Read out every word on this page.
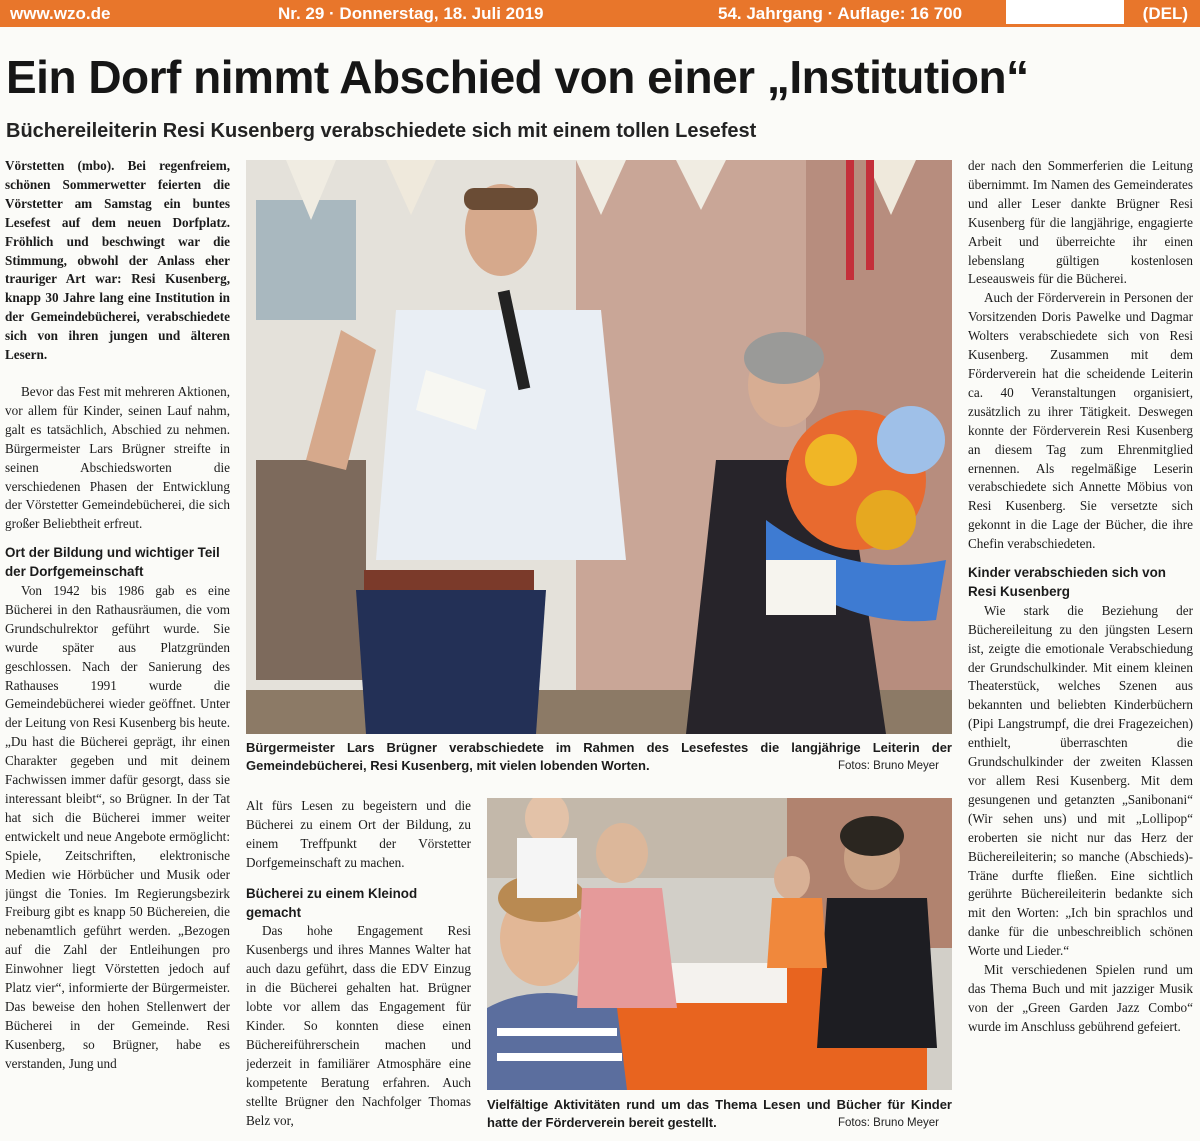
www.wzo.de	Nr. 29 · Donnerstag, 18. Juli 2019	54. Jahrgang · Auflage: 16 700	(DEL)
Ein Dorf nimmt Abschied von einer „Institution“
Büchereileiterin Resi Kusenberg verabschiedete sich mit einem tollen Lesefest

Vörstetten (mbo). Bei regenfreiem, schönen Sommerwetter feierten die Vörstetter am Samstag ein buntes Lesefest auf dem neuen Dorfplatz. Fröhlich und beschwingt war die Stimmung, obwohl der Anlass eher trauriger Art war: Resi Kusenberg, knapp 30 Jahre lang eine Institution in der Gemeindebücherei, verabschiedete sich von ihren jungen und älteren Lesern.

Bevor das Fest mit mehreren Aktionen, vor allem für Kinder, seinen Lauf nahm, galt es tatsächlich, Abschied zu nehmen. Bürgermeister Lars Brügner streifte in seinen Abschiedsworten die verschiedenen Phasen der Entwicklung der Vörstetter Gemeindebücherei, die sich großer Beliebtheit erfreut.

Ort der Bildung und wichtiger Teil der Dorfgemeinschaft

Von 1942 bis 1986 gab es eine Bücherei in den Rathausräumen, die vom Grundschulrektor geführt wurde. Sie wurde später aus Platzgründen geschlossen. Nach der Sanierung des Rathauses 1991 wurde die Gemeindebücherei wieder geöffnet. Unter der Leitung von Resi Kusenberg bis heute. „Du hast die Bücherei geprägt, ihr einen Charakter gegeben und mit deinem Fachwissen immer dafür gesorgt, dass sie interessant bleibt“, so Brügner. In der Tat hat sich die Bücherei immer weiter entwickelt und neue Angebote ermöglicht: Spiele, Zeitschriften, elektronische Medien wie Hörbücher und Musik oder jüngst die Tonies. Im Regierungsbezirk Freiburg gibt es knapp 50 Büchereien, die nebenamtlich geführt werden. „Bezogen auf die Zahl der Entleihungen pro Einwohner liegt Vörstetten jedoch auf Platz vier“, informierte der Bürgermeister. Das beweise den hohen Stellenwert der Bücherei in der Gemeinde. Resi Kusenberg, so Brügner, habe es verstanden, Jung und

Bürgermeister Lars Brügner verabschiedete im Rahmen des Lesefestes die langjährige Leiterin der Gemeindebücherei, Resi Kusenberg, mit vielen lobenden Worten.	Fotos: Bruno Meyer

Alt fürs Lesen zu begeistern und die Bücherei zu einem Ort der Bildung, zu einem Treffpunkt der Vörstetter Dorfgemeinschaft zu machen.

Bücherei zu einem Kleinod gemacht

Das hohe Engagement Resi Kusenbergs und ihres Mannes Walter hat auch dazu geführt, dass die EDV Einzug in die Bücherei gehalten hat. Brügner lobte vor allem das Engagement für Kinder. So konnten diese einen Büchereiführerschein machen und jederzeit in familiärer Atmosphäre eine kompetente Beratung erfahren. Auch stellte Brügner den Nachfolger Thomas Belz vor,

Vielfältige Aktivitäten rund um das Thema Lesen und Bücher für Kinder hatte der Förderverein bereit gestellt.	Fotos: Bruno Meyer

der nach den Sommerferien die Leitung übernimmt. Im Namen des Gemeinderates und aller Leser dankte Brügner Resi Kusenberg für die langjährige, engagierte Arbeit und überreichte ihr einen lebenslang gültigen kostenlosen Leseausweis für die Bücherei.

Auch der Förderverein in Personen der Vorsitzenden Doris Pawelke und Dagmar Wolters verabschiedete sich von Resi Kusenberg. Zusammen mit dem Förderverein hat die scheidende Leiterin ca. 40 Veranstaltungen organisiert, zusätzlich zu ihrer Tätigkeit. Deswegen konnte der Förderverein Resi Kusenberg an diesem Tag zum Ehrenmitglied ernennen. Als regelmäßige Leserin verabschiedete sich Annette Möbius von Resi Kusenberg. Sie versetzte sich gekonnt in die Lage der Bücher, die ihre Chefin verabschiedeten.

Kinder verabschieden sich von Resi Kusenberg

Wie stark die Beziehung der Büchereileitung zu den jüngsten Lesern ist, zeigte die emotionale Verabschiedung der Grundschulkinder. Mit einem kleinen Theaterstück, welches Szenen aus bekannten und beliebten Kinderbüchern (Pipi Langstrumpf, die drei Fragezeichen) enthielt, überraschten die Grundschulkinder der zweiten Klassen vor allem Resi Kusenberg. Mit dem gesungenen und getanzten „Sanibonani“ (Wir sehen uns) und mit „Lollipop“ eroberten sie nicht nur das Herz der Büchereileiterin; so manche (Abschieds)-Träne durfte fließen. Eine sichtlich gerührte Büchereileiterin bedankte sich mit den Worten: „Ich bin sprachlos und danke für die unbeschreiblich schönen Worte und Lieder.“

Mit verschiedenen Spielen rund um das Thema Buch und mit jazziger Musik von der „Green Garden Jazz Combo“ wurde im Anschluss gebührend gefeiert.
